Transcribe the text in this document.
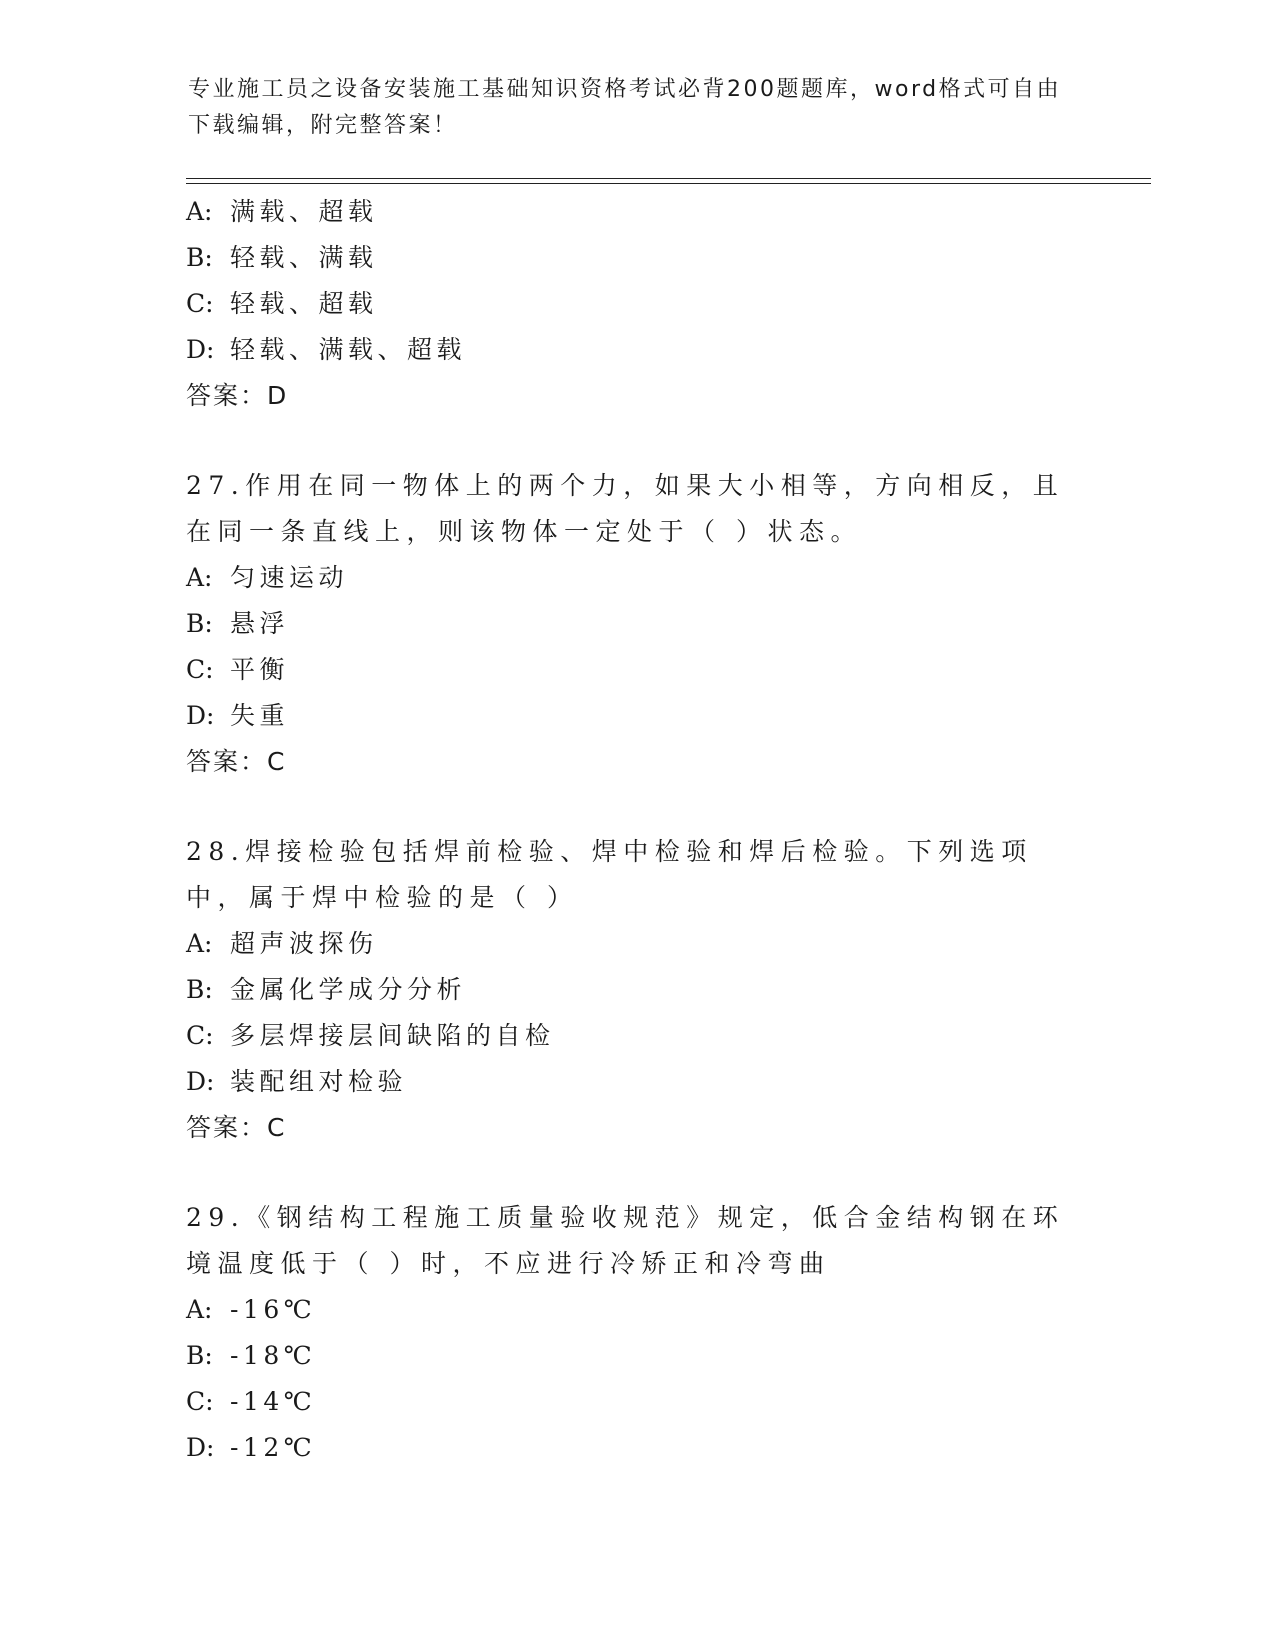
专业施工员之设备安装施工基础知识资格考试必背200题题库，word格式可自由下载编辑，附完整答案！
A: 满载、超载
B: 轻载、满载
C: 轻载、超载
D: 轻载、满载、超载
答案：D
27.作用在同一物体上的两个力，如果大小相等，方向相反，且在同一条直线上，则该物体一定处于（ ）状态。
A: 匀速运动
B: 悬浮
C: 平衡
D: 失重
答案：C
28.焊接检验包括焊前检验、焊中检验和焊后检验。下列选项中，属于焊中检验的是（ ）
A: 超声波探伤
B: 金属化学成分分析
C: 多层焊接层间缺陷的自检
D: 装配组对检验
答案：C
29.《钢结构工程施工质量验收规范》规定，低合金结构钢在环境温度低于（ ）时，不应进行冷矫正和冷弯曲
A: -16℃
B: -18℃
C: -14℃
D: -12℃
